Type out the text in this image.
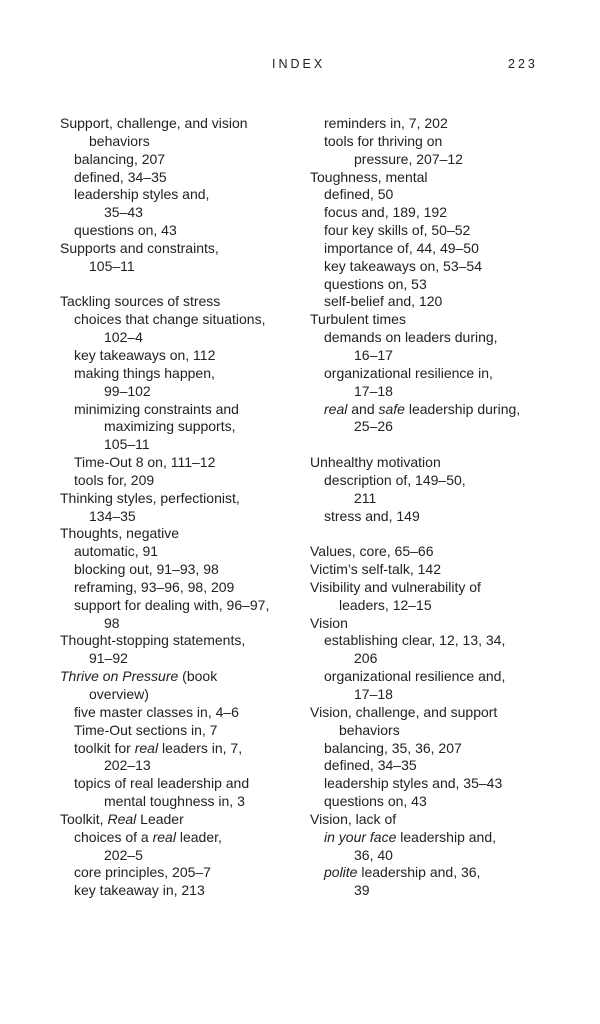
INDEX	223
Support, challenge, and vision
behaviors
balancing, 207
defined, 34–35
leadership styles and,
35–43
questions on, 43
Supports and constraints,
105–11
Tackling sources of stress
choices that change situations,
102–4
key takeaways on, 112
making things happen,
99–102
minimizing constraints and
maximizing supports,
105–11
Time-Out 8 on, 111–12
tools for, 209
Thinking styles, perfectionist,
134–35
Thoughts, negative
automatic, 91
blocking out, 91–93, 98
reframing, 93–96, 98, 209
support for dealing with, 96–97,
98
Thought-stopping statements,
91–92
Thrive on Pressure (book
overview)
five master classes in, 4–6
Time-Out sections in, 7
toolkit for real leaders in, 7,
202–13
topics of real leadership and
mental toughness in, 3
Toolkit, Real Leader
choices of a real leader,
202–5
core principles, 205–7
key takeaway in, 213
reminders in, 7, 202
tools for thriving on
pressure, 207–12
Toughness, mental
defined, 50
focus and, 189, 192
four key skills of, 50–52
importance of, 44, 49–50
key takeaways on, 53–54
questions on, 53
self-belief and, 120
Turbulent times
demands on leaders during,
16–17
organizational resilience in,
17–18
real and safe leadership during,
25–26
Unhealthy motivation
description of, 149–50,
211
stress and, 149
Values, core, 65–66
Victim’s self-talk, 142
Visibility and vulnerability of
leaders, 12–15
Vision
establishing clear, 12, 13, 34,
206
organizational resilience and,
17–18
Vision, challenge, and support
behaviors
balancing, 35, 36, 207
defined, 34–35
leadership styles and, 35–43
questions on, 43
Vision, lack of
in your face leadership and,
36, 40
polite leadership and, 36,
39
